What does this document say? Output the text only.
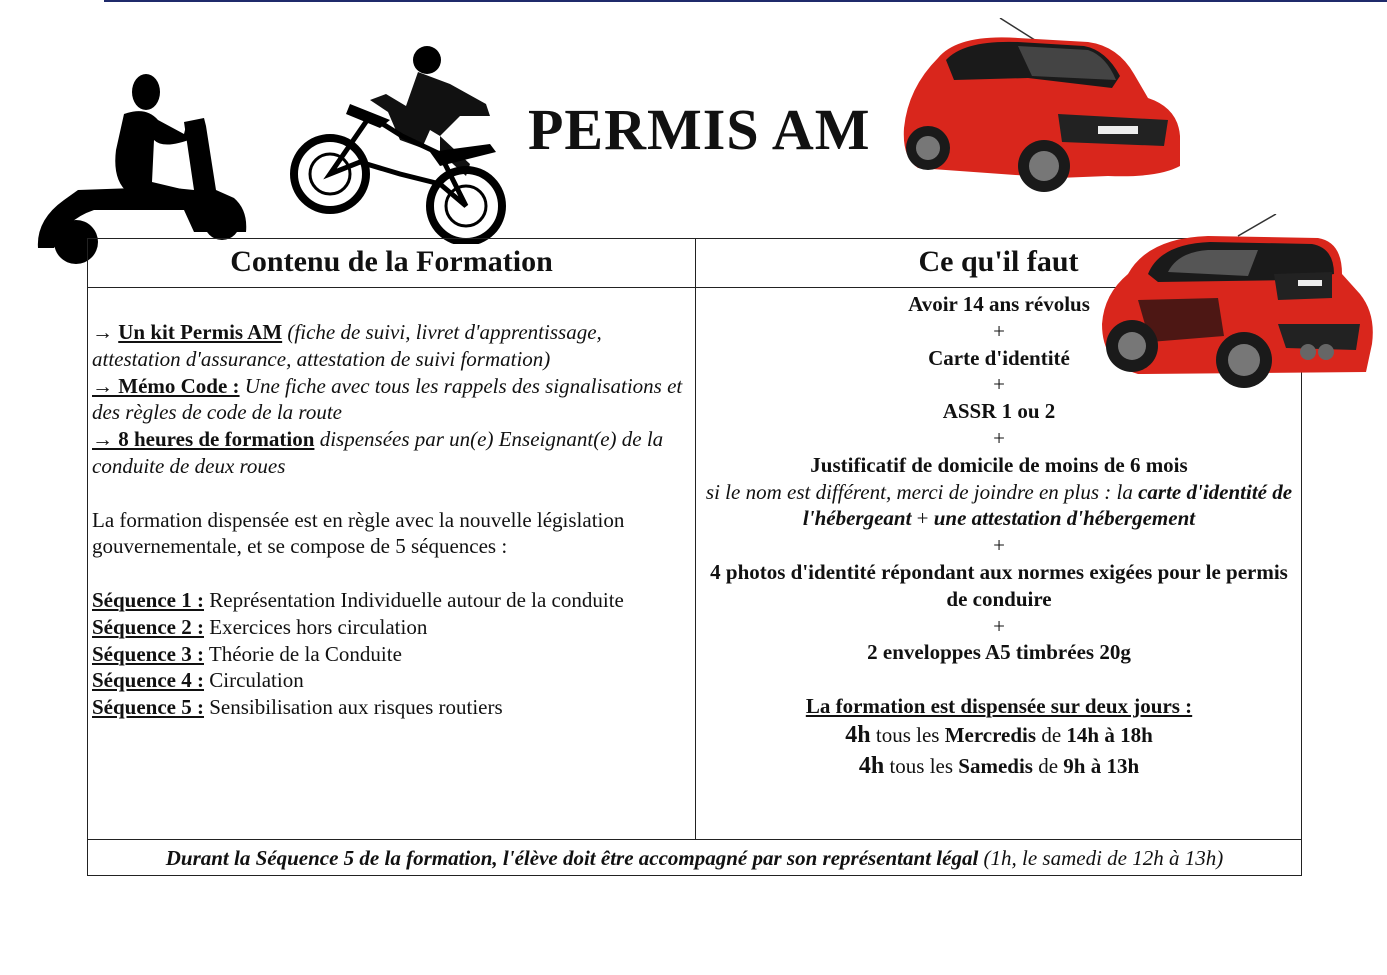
PERMIS AM
Contenu de la Formation	Ce qu'il faut

→ Un kit Permis AM (fiche de suivi, livret d'apprentissage, attestation d'assurance, attestation de suivi formation)

→ Mémo Code : Une fiche avec tous les rappels des signalisations et des règles de code de la route

→ 8 heures de formation dispensées par un(e) Enseignant(e) de la conduite de deux roues

La formation dispensée est en règle avec la nouvelle législation gouvernementale, et se compose de 5 séquences :

Séquence 1 : Représentation Individuelle autour de la conduite

Séquence 2 : Exercices hors circulation

Séquence 3 : Théorie de la Conduite

Séquence 4 : Circulation

Séquence 5 : Sensibilisation aux risques routiers

Avoir 14 ans révolus

+

Carte d'identité

+

ASSR 1 ou 2

+

Justificatif de domicile de moins de 6 mois

si le nom est différent, merci de joindre en plus : la carte d'identité de l'hébergeant + une attestation d'hébergement

+

4 photos d'identité répondant aux normes exigées pour le permis de conduire

+

2 enveloppes A5 timbrées 20g

La formation est dispensée sur deux jours :

4h tous les Mercredis de 14h à 18h

4h tous les Samedis de 9h à 13h

Durant la Séquence 5 de la formation, l'élève doit être accompagné par son représentant légal (1h, le samedi de 12h à 13h)
